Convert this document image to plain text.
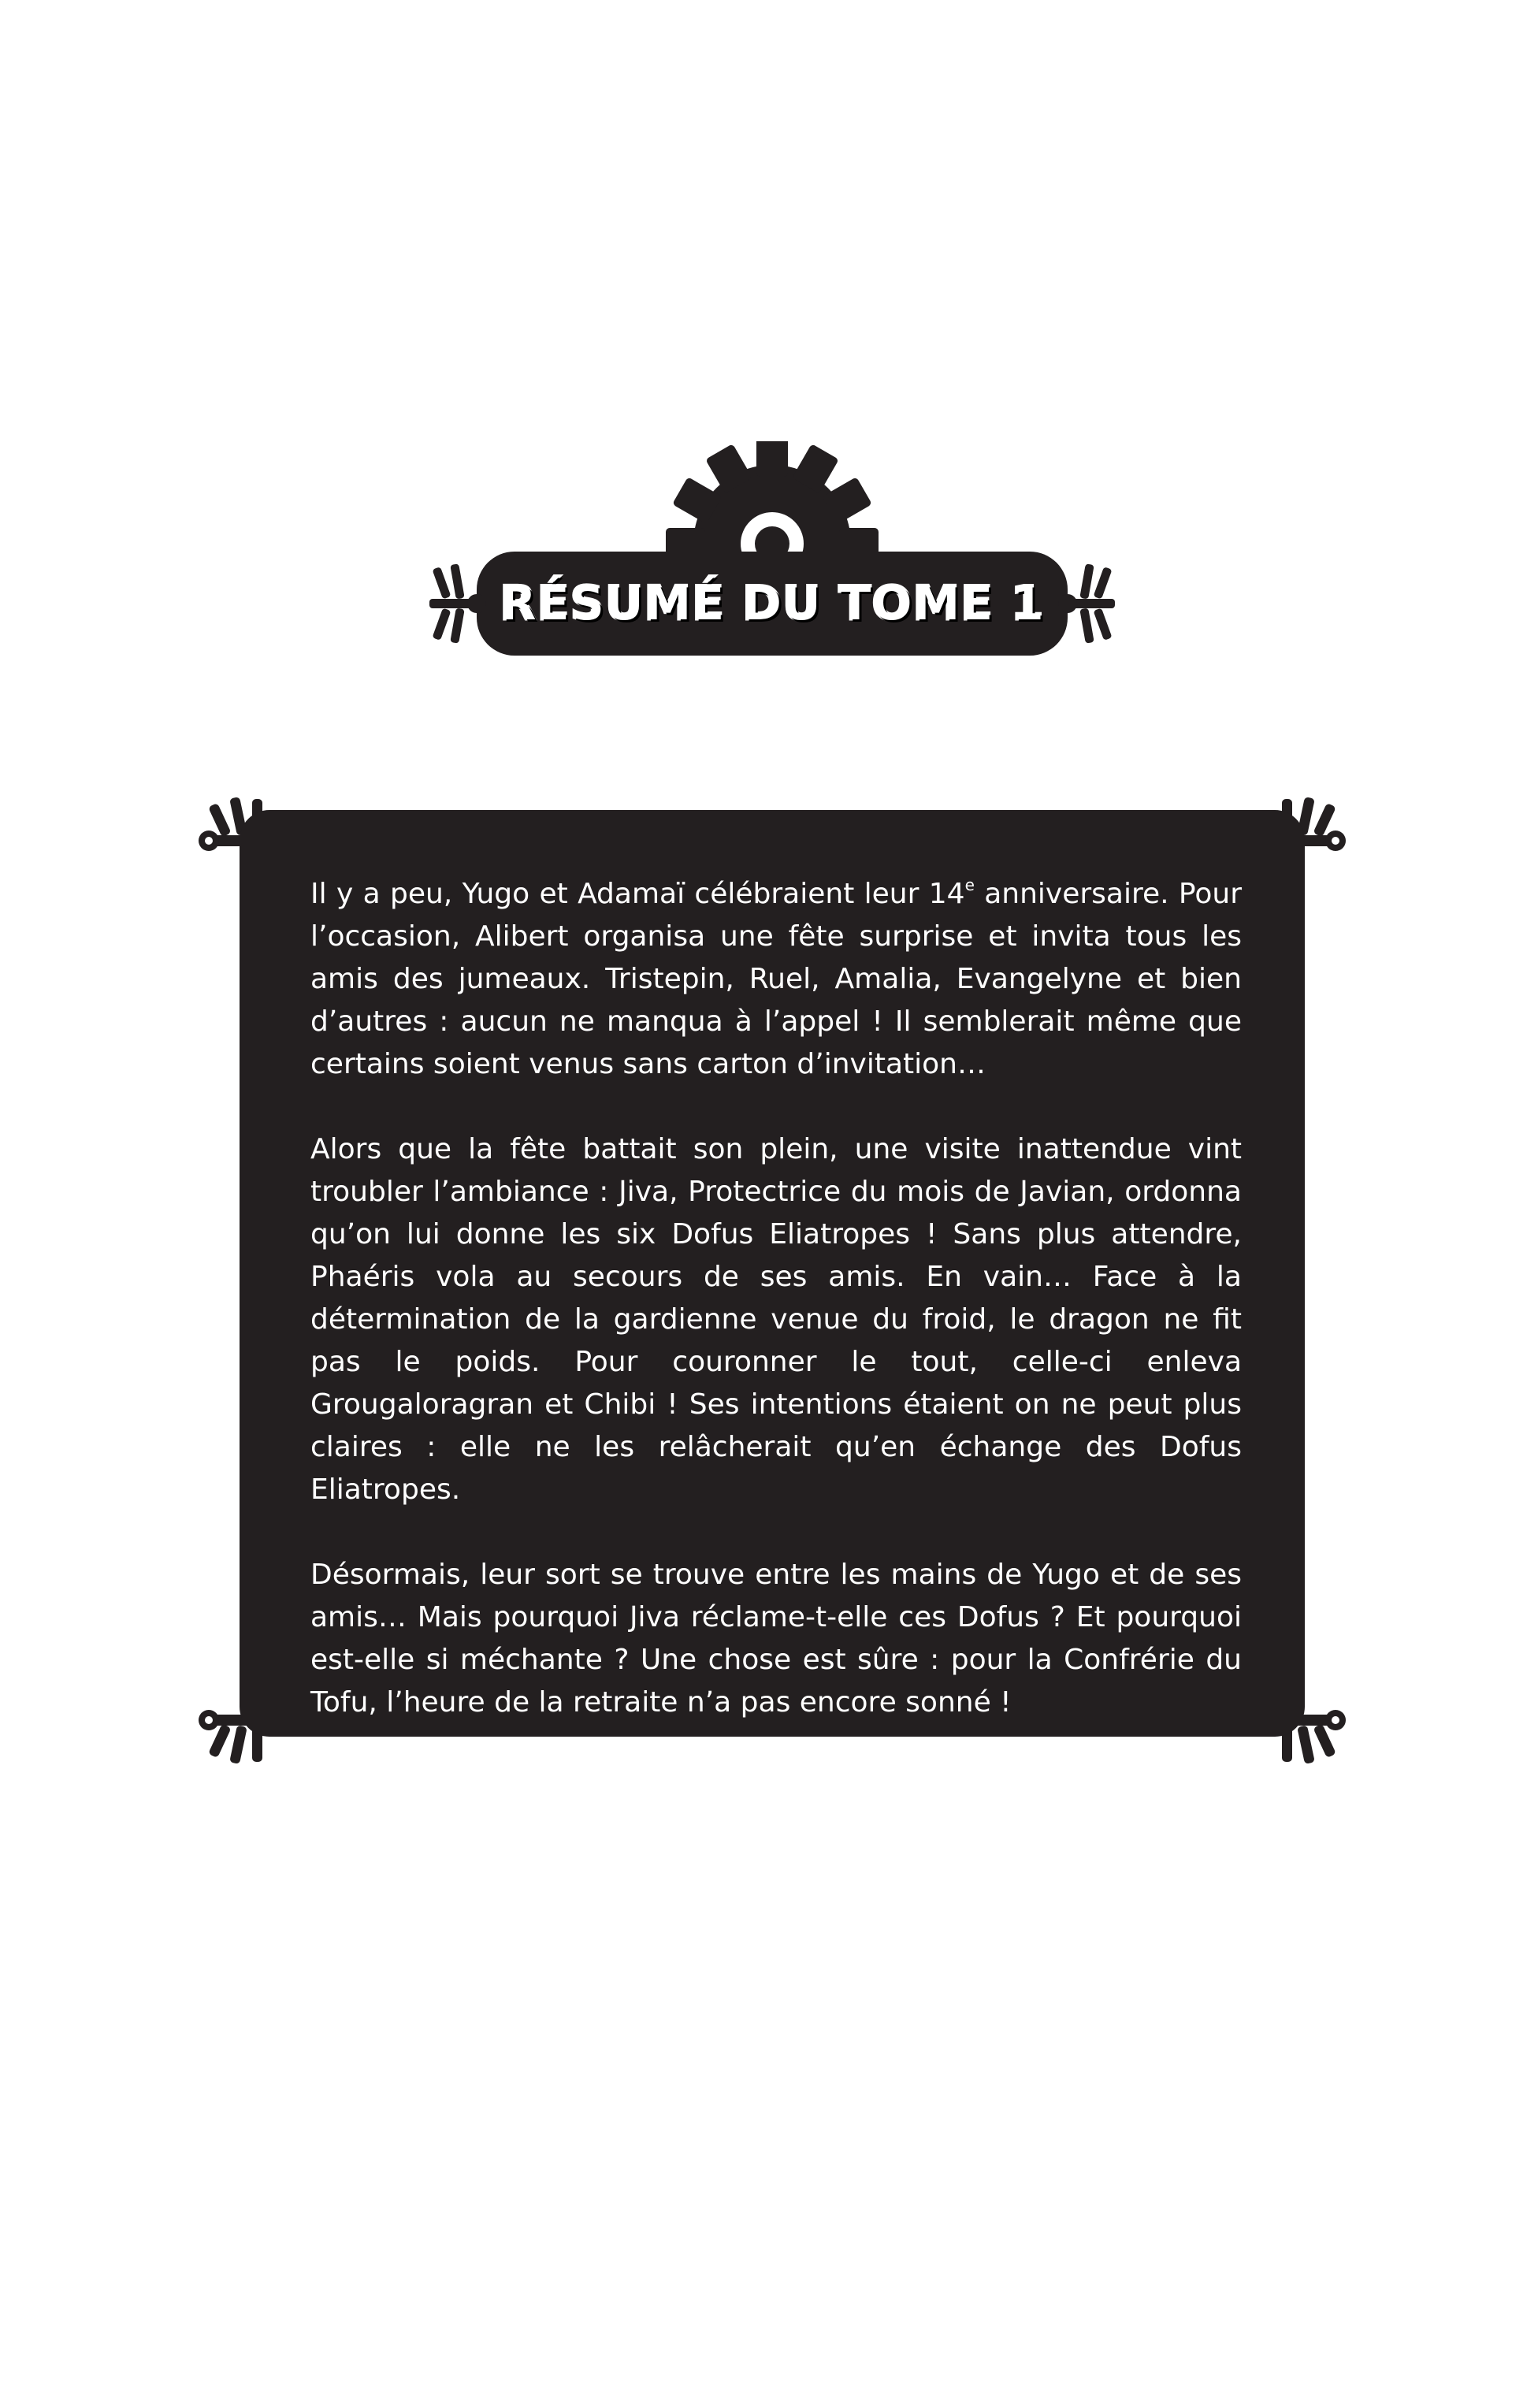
RÉSUMÉ DU TOME 1

Il y a peu, Yugo et Adamaï célébraient leur 14e anniversaire. Pour l’occasion, Alibert organisa une fête surprise et invita tous les amis des jumeaux. Tristepin, Ruel, Amalia, Evangelyne et bien d’autres : aucun ne manqua à l’appel ! Il semblerait même que certains soient venus sans carton d’invitation…

Alors que la fête battait son plein, une visite inattendue vint troubler l’ambiance : Jiva, Protectrice du mois de Javian, ordonna qu’on lui donne les six Dofus Eliatropes ! Sans plus attendre, Phaéris vola au secours de ses amis. En vain… Face à la détermination de la gardienne venue du froid, le dragon ne fit pas le poids. Pour couronner le tout, celle-ci enleva Grougaloragran et Chibi ! Ses intentions étaient on ne peut plus claires : elle ne les relâcherait qu’en échange des Dofus Eliatropes.

Désormais, leur sort se trouve entre les mains de Yugo et de ses amis… Mais pourquoi Jiva réclame-t-elle ces Dofus ? Et pourquoi est-elle si méchante ? Une chose est sûre : pour la Confrérie du Tofu, l’heure de la retraite n’a pas encore sonné !
